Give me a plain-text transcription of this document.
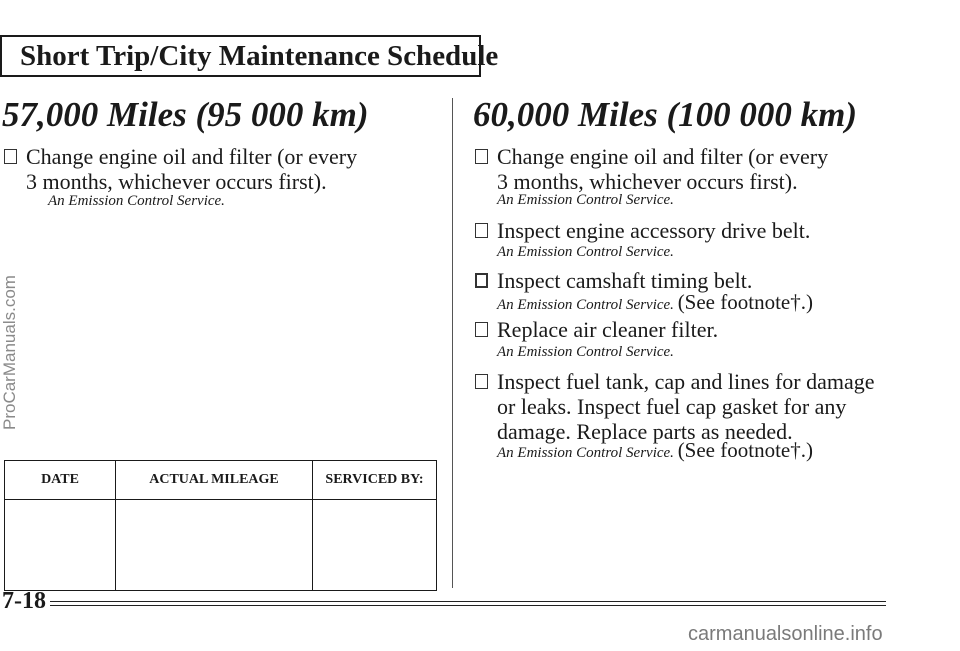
Short Trip/City Maintenance Schedule
57,000 Miles (95 000 km)
Change engine oil and filter (or every
3 months, whichever occurs first).
An Emission Control Service.
DATE	ACTUAL MILEAGE	SERVICED BY:

60,000 Miles (100 000 km)
Change engine oil and filter (or every
3 months, whichever occurs first).
An Emission Control Service.
Inspect engine accessory drive belt.
An Emission Control Service.
Inspect camshaft timing belt.
An Emission Control Service. (See footnote†.)
Replace air cleaner filter.
An Emission Control Service.
Inspect fuel tank, cap and lines for damage
or leaks. Inspect fuel cap gasket for any
damage. Replace parts as needed.
An Emission Control Service. (See footnote†.)
7-18
ProCarManuals.com
carmanualsonline.info
